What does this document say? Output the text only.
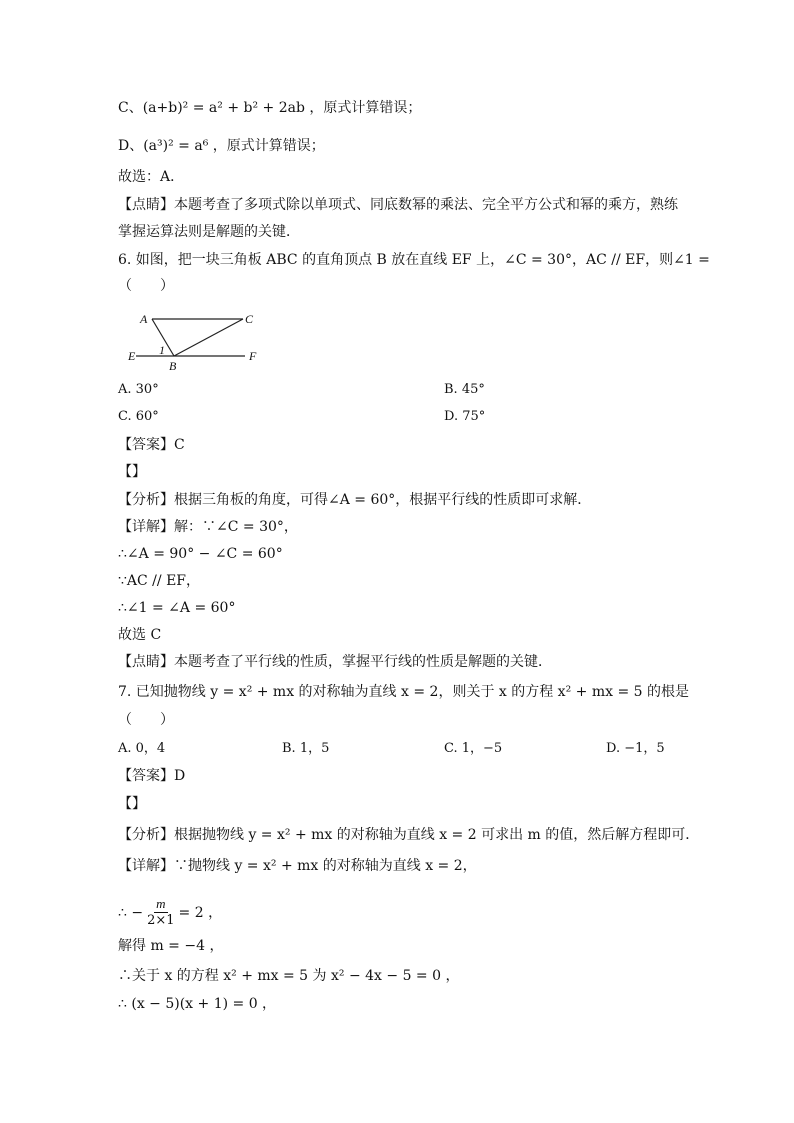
C、(a+b)² = a² + b² + 2ab ，原式计算错误；
D、(a³)² = a⁶ ，原式计算错误；
故选：A．
【点睛】本题考查了多项式除以单项式、同底数幂的乘法、完全平方公式和幂的乘方，熟练
掌握运算法则是解题的关键．
6. 如图，把一块三角板 ABC 的直角顶点 B 放在直线 EF 上，∠C = 30°，AC // EF，则∠1 =
（　　）
A	C
E	F
B
1
A. 30°	B. 45°
C. 60°	D. 75°
【答案】C
【】
【分析】根据三角板的角度，可得∠A = 60°，根据平行线的性质即可求解．
【详解】解：∵∠C = 30°，
∴∠A = 90° − ∠C = 60°
∵AC // EF，
∴∠1 = ∠A = 60°
故选 C
【点睛】本题考查了平行线的性质，掌握平行线的性质是解题的关键．
7. 已知抛物线 y = x² + mx 的对称轴为直线 x = 2，则关于 x 的方程 x² + mx = 5 的根是
（　　）
A. 0，4	B. 1，5	C. 1，−5	D. −1，5
【答案】D
【】
【分析】根据抛物线 y = x² + mx 的对称轴为直线 x = 2 可求出 m 的值，然后解方程即可．
【详解】∵抛物线 y = x² + mx 的对称轴为直线 x = 2，
∴ − $\frac{m}{2\times 1} = 2$ ，
解得 m = −4 ，
∴关于 x 的方程 x² + mx = 5 为 x² − 4x − 5 = 0 ，
∴ (x − 5)(x + 1) = 0 ，
